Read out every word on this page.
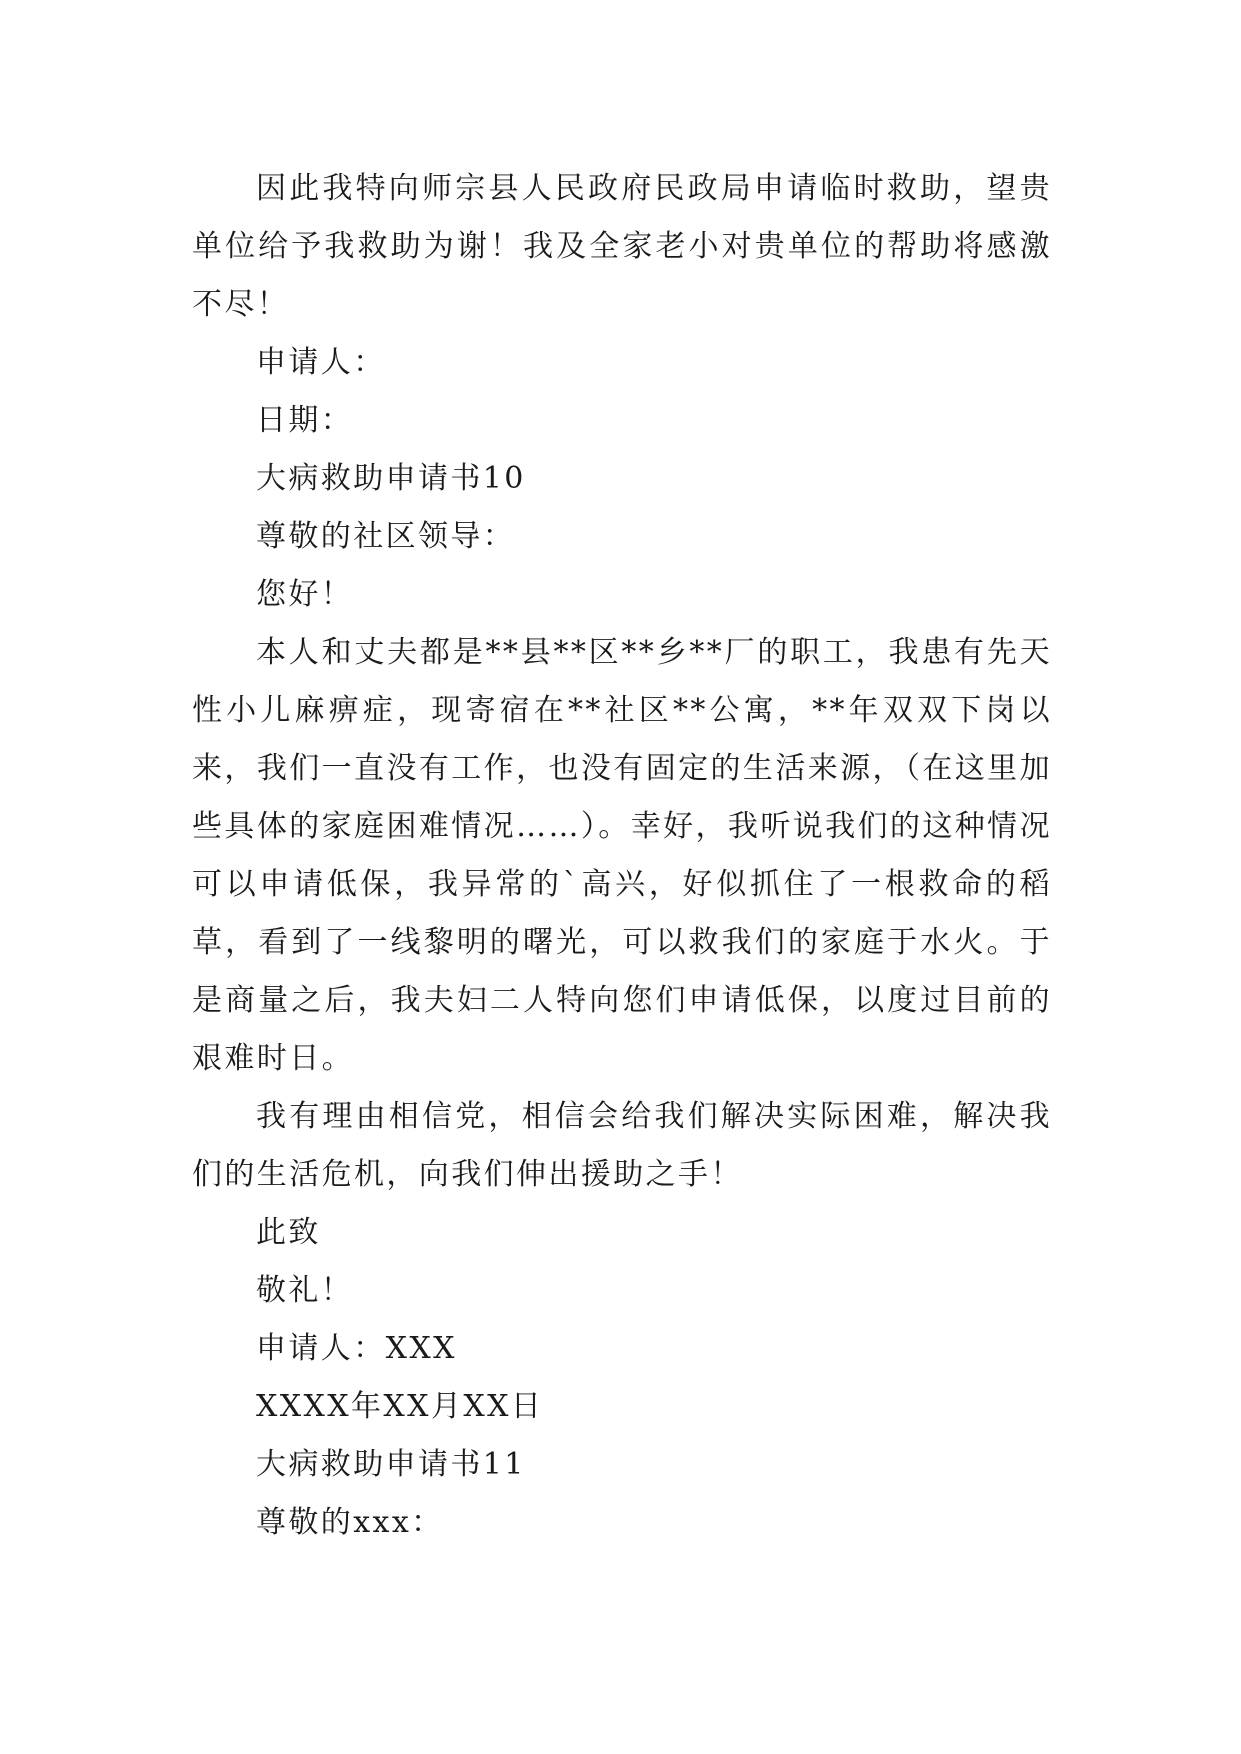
因此我特向师宗县人民政府民政局申请临时救助，望贵单位给予我救助为谢！我及全家老小对贵单位的帮助将感激不尽！

申请人：

日期：

大病救助申请书10

尊敬的社区领导：

您好！

本人和丈夫都是**县**区**乡**厂的职工，我患有先天性小儿麻痹症，现寄宿在**社区**公寓，**年双双下岗以来，我们一直没有工作，也没有固定的生活来源，（在这里加些具体的家庭困难情况……）。幸好，我听说我们的这种情况可以申请低保，我异常的`高兴，好似抓住了一根救命的稻草，看到了一线黎明的曙光，可以救我们的家庭于水火。于是商量之后，我夫妇二人特向您们申请低保，以度过目前的艰难时日。

我有理由相信党，相信会给我们解决实际困难，解决我们的生活危机，向我们伸出援助之手！

此致

敬礼！

申请人：XXX

XXXX年XX月XX日

大病救助申请书11

尊敬的xxx：
